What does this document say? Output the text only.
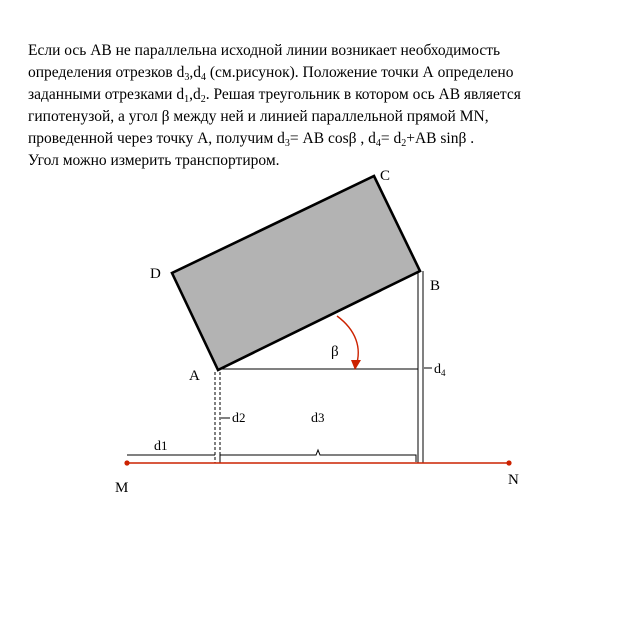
Если ось АВ не параллельна исходной линии возникает необходимость
определения отрезков $d_3,d_4$ (см.рисунок). Положение точки А определено
заданными отрезками $d_1,d_2$. Решая треугольник в котором ось АВ является
гипотенузой, а угол β между ней и линией параллельной прямой MN,
проведенной через точку А, получим $d_3=$ АВ cosβ , $d_4= d_2+АВ$ sinβ .
Угол можно измерить транспортиром.
A
B
C
D
M	N
β
d1
d2	d3
$d_4$
